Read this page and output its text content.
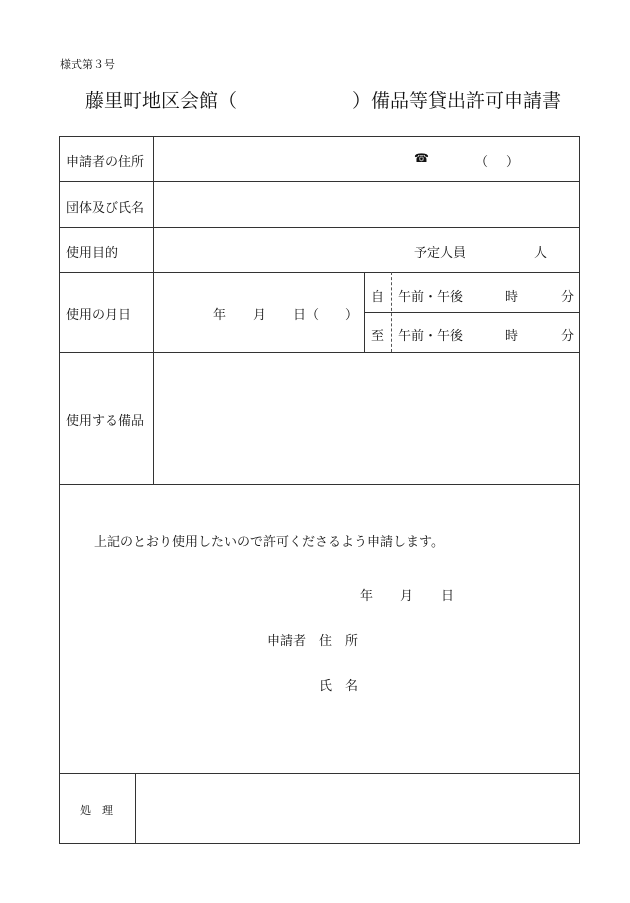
様式第３号
藤里町地区会館（	）備品等貸出許可申請書
申請者の住所	☎	（ ）
団体及び氏名
使用目的	予定人員	人
使用の月日	年 月 日（ ）
自 午前・午後	時	分
至 午前・午後	時	分
使用する備品
上記のとおり使用したいので許可くださるよう申請します。
年 月 日
申請者 住　所
氏　名
処　理
